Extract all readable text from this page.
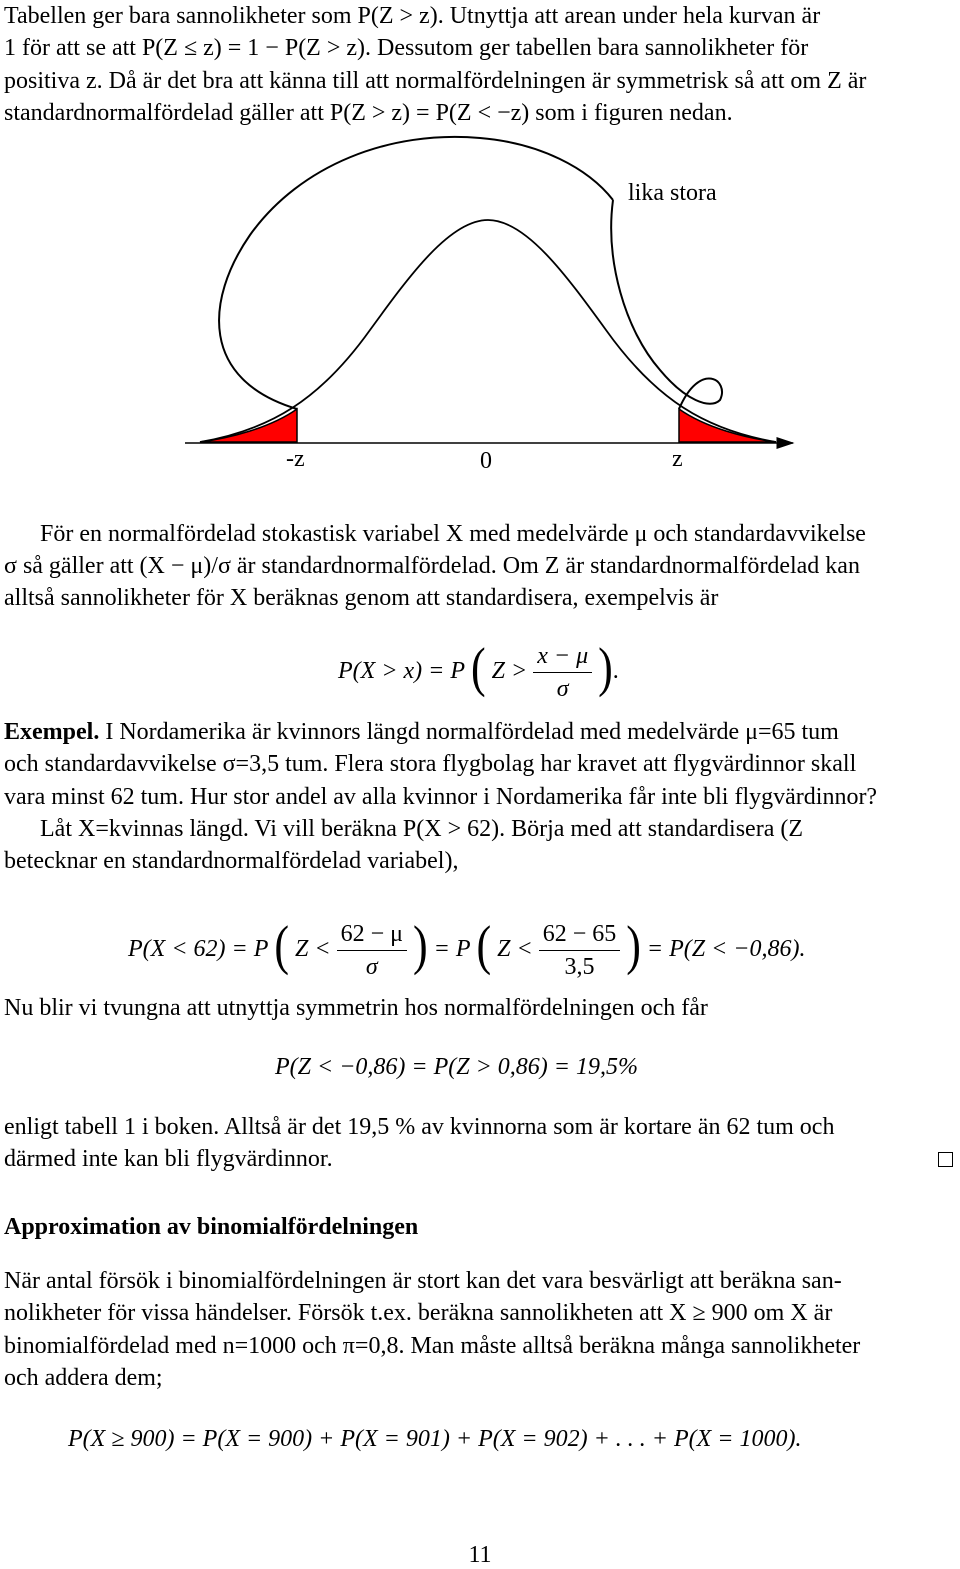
Tabellen ger bara sannolikheter som P(Z > z). Utnyttja att arean under hela kurvan är
1 för att se att P(Z ≤ z) = 1 − P(Z > z). Dessutom ger tabellen bara sannolikheter för
positiva z. Då är det bra att känna till att normalfördelningen är symmetrisk så att om Z är
standardnormalfördelad gäller att P(Z > z) = P(Z < −z) som i figuren nedan.
lika stora
-z	0	z
För en normalfördelad stokastisk variabel X med medelvärde μ och standardavvikelse
σ så gäller att (X − μ)/σ är standardnormalfördelad. Om Z är standardnormalfördelad kan
alltså sannolikheter för X beräknas genom att standardisera, exempelvis är
P(X > x) = P ( $Z > \frac{x - \mu}{\sigma}$ ).
Exempel. I Nordamerika är kvinnors längd normalfördelad med medelvärde μ=65 tum
och standardavvikelse σ=3,5 tum. Flera stora flygbolag har kravet att flygvärdinnor skall
vara minst 62 tum. Hur stor andel av alla kvinnor i Nordamerika får inte bli flygvärdinnor?
Låt X=kvinnas längd. Vi vill beräkna P(X > 62). Börja med att standardisera (Z
betecknar en standardnormalfördelad variabel),
P(X < 62) = P ( $Z < \frac{62 - \mu}{\sigma}$ ) = P ( $Z < \frac{62 - 65}{3,5}$ ) = P(Z < −0,86).
Nu blir vi tvungna att utnyttja symmetrin hos normalfördelningen och får
P(Z < −0,86) = P(Z > 0,86) = 19,5%
enligt tabell 1 i boken. Alltså är det 19,5 % av kvinnorna som är kortare än 62 tum och
därmed inte kan bli flygvärdinnor.
Approximation av binomialfördelningen
När antal försök i binomialfördelningen är stort kan det vara besvärligt att beräkna san-
nolikheter för vissa händelser. Försök t.ex. beräkna sannolikheten att X ≥ 900 om X är
binomialfördelad med n=1000 och π=0,8. Man måste alltså beräkna många sannolikheter
och addera dem;
P(X ≥ 900) = P(X = 900) + P(X = 901) + P(X = 902) + . . . + P(X = 1000).
11
